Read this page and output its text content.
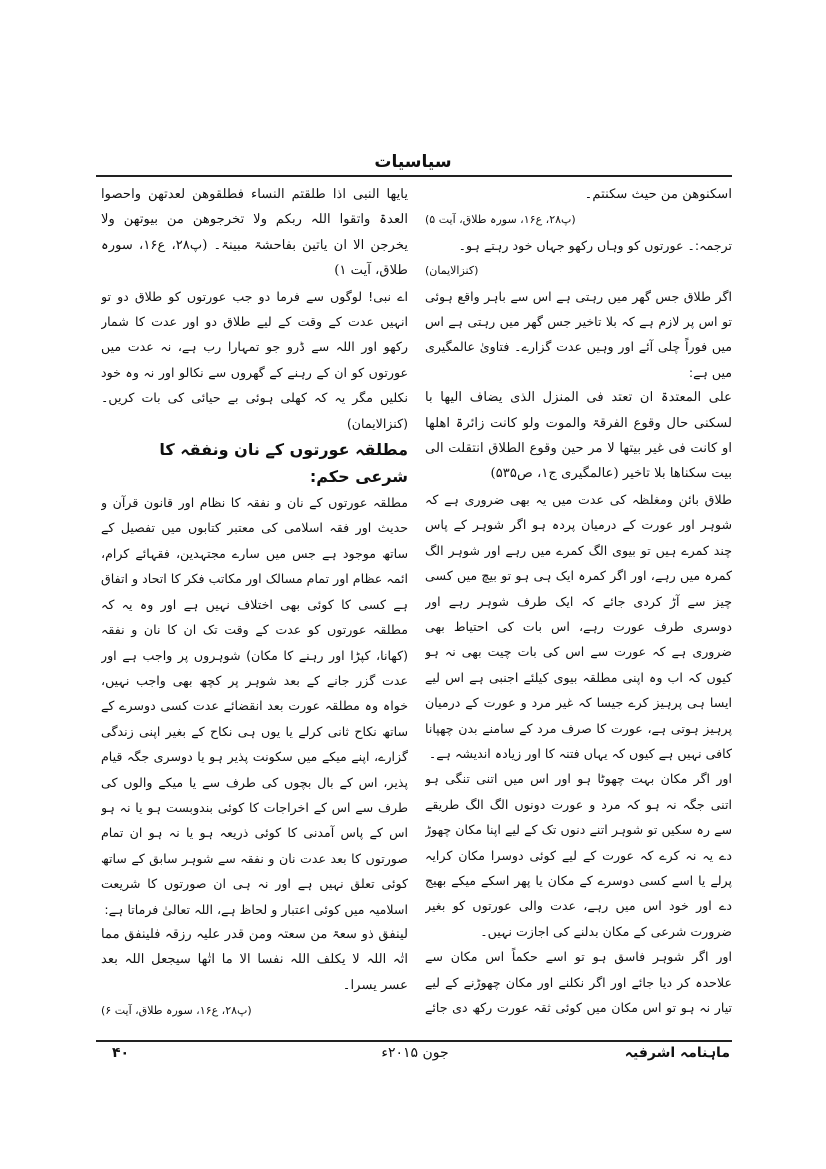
سیاسیات

اسکنوھن من حیث سکنتم۔

(پ۲۸، ع۱۶، سورہ طلاق، آیت ۵)

ترجمہ:۔ عورتوں کو وہاں رکھو جہاں خود رہتے ہو۔

(کنزالایمان)

اگر طلاق جس گھر میں رہتی ہے اس سے باہر واقع ہوئی تو اس پر لازم ہے کہ بلا تاخیر جس گھر میں رہتی ہے اس میں فوراً چلی آئے اور وہیں عدت گزارے۔ فتاویٰ عالمگیری میں ہے:

علی المعتدۃ ان تعتد فی المنزل الذی یضاف الیھا با لسکنی حال وقوع الفرقۃ والموت ولو کانت زائرۃ اھلھا او کانت فی غیر بیتھا لا مر حین وقوع الطلاق انتقلت الی بیت سکناھا بلا تاخیر (عالمگیری ج۱، ص۵۳۵)

طلاق بائن ومغلظہ کی عدت میں یہ بھی ضروری ہے کہ شوہر اور عورت کے درمیان پردہ ہو اگر شوہر کے پاس چند کمرے ہیں تو بیوی الگ کمرے میں رہے اور شوہر الگ کمرہ میں رہے، اور اگر کمرہ ایک ہی ہو تو بیچ میں کسی چیز سے آڑ کردی جائے کہ ایک طرف شوہر رہے اور دوسری طرف عورت رہے، اس بات کی احتیاط بھی ضروری ہے کہ عورت سے اس کی بات چیت بھی نہ ہو کیوں کہ اب وہ اپنی مطلقہ بیوی کیلئے اجنبی ہے اس لیے ایسا ہی پرہیز کرے جیسا کہ غیر مرد و عورت کے درمیان پرہیز ہوتی ہے، عورت کا صرف مرد کے سامنے بدن چھپانا کافی نہیں ہے کیوں کہ یہاں فتنہ کا اور زیادہ اندیشہ ہے۔

اور اگر مکان بہت چھوٹا ہو اور اس میں اتنی تنگی ہو اتنی جگہ نہ ہو کہ مرد و عورت دونوں الگ الگ طریقے سے رہ سکیں تو شوہر اتنے دنوں تک کے لیے اپنا مکان چھوڑ دے یہ نہ کرے کہ عورت کے لیے کوئی دوسرا مکان کرایہ پرلے یا اسے کسی دوسرے کے مکان یا پھر اسکے میکے بھیج دے اور خود اس میں رہے، عدت والی عورتوں کو بغیر ضرورت شرعی کے مکان بدلنے کی اجازت نہیں۔

اور اگر شوہر فاسق ہو تو اسے حکماً اس مکان سے علاحدہ کر دیا جائے اور اگر نکلنے اور مکان چھوڑنے کے لیے تیار نہ ہو تو اس مکان میں کوئی ثقہ عورت رکھ دی جائے

یایھا النبی اذا طلقتم النساء فطلقوھن لعدتھن واحصوا العدۃ واتقوا اللہ ربکم ولا تخرجوھن من بیوتھن ولا یخرجن الا ان یاتین بفاحشۃ مبینۃ۔ (پ۲۸، ع۱۶، سورہ طلاق، آیت ۱)

اے نبی! لوگوں سے فرما دو جب عورتوں کو طلاق دو تو انہیں عدت کے وقت کے لیے طلاق دو اور عدت کا شمار رکھو اور اللہ سے ڈرو جو تمہارا رب ہے، نہ عدت میں عورتوں کو ان کے رہنے کے گھروں سے نکالو اور نہ وہ خود نکلیں مگر یہ کہ کھلی ہوئی بے حیائی کی بات کریں۔ (کنزالایمان)

مطلقہ عورتوں کے نان ونفقہ کا شرعی حکم:

مطلقہ عورتوں کے نان و نفقہ کا نظام اور قانون قرآن و حدیث اور فقہ اسلامی کی معتبر کتابوں میں تفصیل کے ساتھ موجود ہے جس میں سارے مجتہدین، فقہائے کرام، ائمہ عظام اور تمام مسالک اور مکاتب فکر کا اتحاد و اتفاق ہے کسی کا کوئی بھی اختلاف نہیں ہے اور وہ یہ کہ مطلقہ عورتوں کو عدت کے وقت تک ان کا نان و نفقہ (کھانا، کپڑا اور رہنے کا مکان) شوہروں پر واجب ہے اور عدت گزر جانے کے بعد شوہر پر کچھ بھی واجب نہیں، خواہ وہ مطلقہ عورت بعد انقضائے عدت کسی دوسرے کے ساتھ نکاح ثانی کرلے یا یوں ہی نکاح کے بغیر اپنی زندگی گزارے، اپنے میکے میں سکونت پذیر ہو یا دوسری جگہ قیام پذیر، اس کے بال بچوں کی طرف سے یا میکے والوں کی طرف سے اس کے اخراجات کا کوئی بندوبست ہو یا نہ ہو اس کے پاس آمدنی کا کوئی ذریعہ ہو یا نہ ہو ان تمام صورتوں کا بعد عدت نان و نفقہ سے شوہر سابق کے ساتھ کوئی تعلق نہیں ہے اور نہ ہی ان صورتوں کا شریعت اسلامیہ میں کوئی اعتبار و لحاظ ہے، اللہ تعالیٰ فرماتا ہے:

لینفق ذو سعۃ من سعتہ ومن قدر علیہ رزقہ فلینفق مما اتٰہ اللہ لا یکلف اللہ نفسا الا ما اتٰھا سیجعل اللہ بعد عسر یسرا۔

(پ۲۸، ع۱۶، سورہ طلاق، آیت ۶)

ماہنامہ اشرفیہ
جون ۲۰۱۵ء
۴۰
